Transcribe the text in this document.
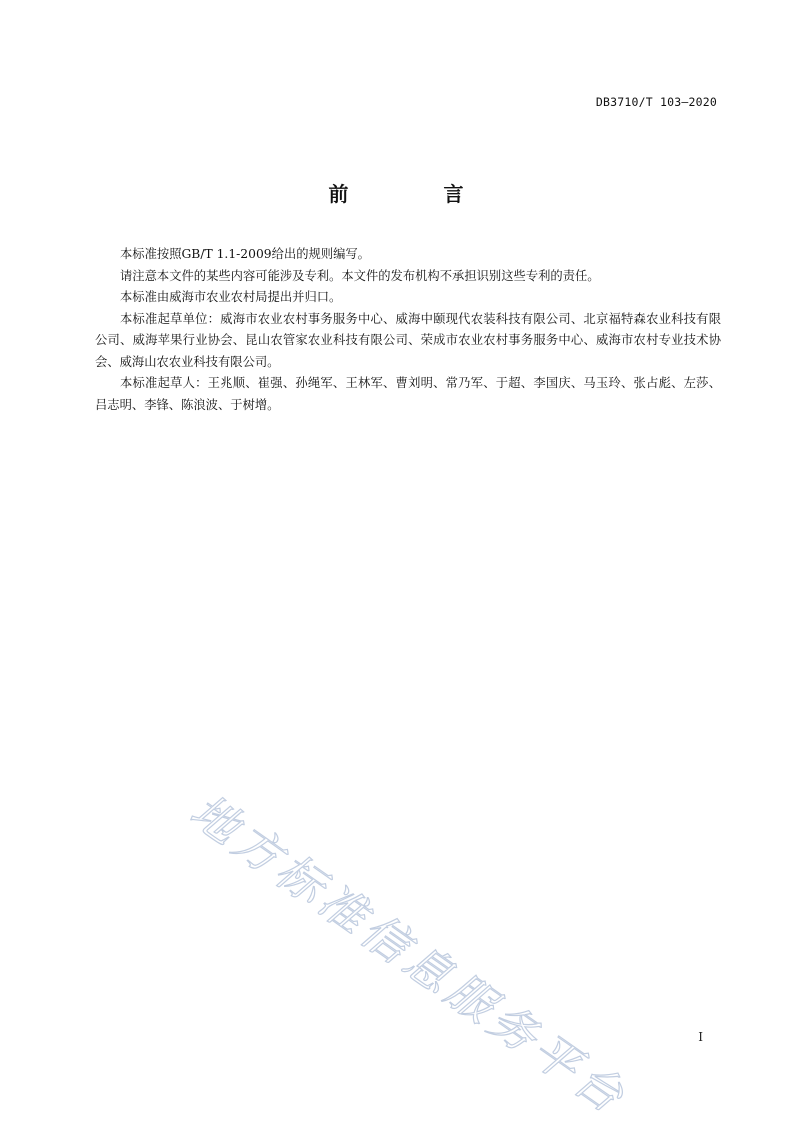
DB3710/T 103—2020
前 言

本标准按照GB/T 1.1-2009给出的规则编写。

请注意本文件的某些内容可能涉及专利。本文件的发布机构不承担识别这些专利的责任。

本标准由威海市农业农村局提出并归口。

本标准起草单位：威海市农业农村事务服务中心、威海中颐现代农装科技有限公司、北京福特森农业科技有限公司、威海苹果行业协会、昆山农管家农业科技有限公司、荣成市农业农村事务服务中心、威海市农村专业技术协会、威海山农农业科技有限公司。

本标准起草人：王兆顺、崔强、孙绳军、王林军、曹刘明、常乃军、于超、李国庆、马玉玲、张占彪、左莎、吕志明、李锋、陈浪波、于树增。

地方标准信息服务平台	I
